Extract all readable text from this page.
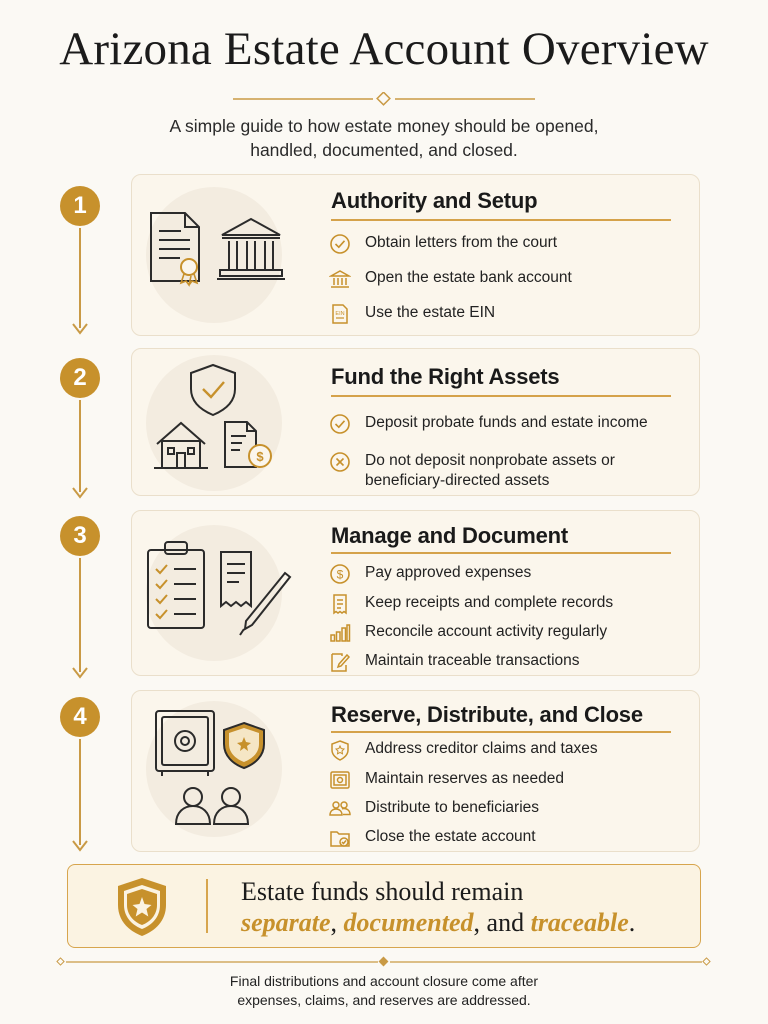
Arizona Estate Account Overview
A simple guide to how estate money should be opened,
handled, documented, and closed.
1
2
3
4
Authority and Setup
Obtain letters from the court
Open the estate bank account
EIN Use the estate EIN
$
Fund the Right Assets
Deposit probate funds and estate income
Do not deposit nonprobate assets or
beneficiary-directed assets
Manage and Document
$ Pay approved expenses
Keep receipts and complete records
Reconcile account activity regularly
Maintain traceable transactions
Reserve, Distribute, and Close
Address creditor claims and taxes
Maintain reserves as needed
Distribute to beneficiaries
Close the estate account
Estate funds should remain
separate, documented, and traceable.
Final distributions and account closure come after
expenses, claims, and reserves are addressed.
